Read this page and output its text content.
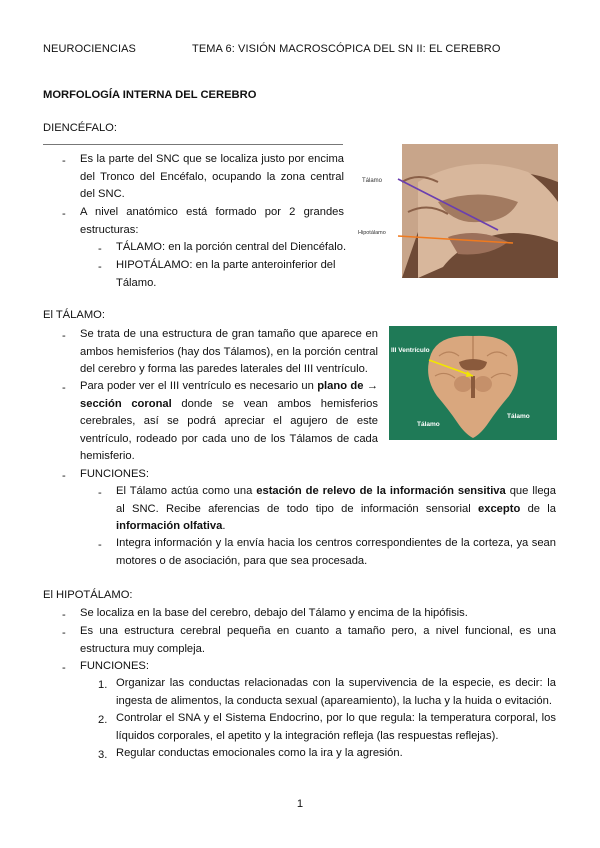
NEUROCIENCIAS	TEMA 6: VISIÓN MACROSCÓPICA DEL SN II: EL CEREBRO
MORFOLOGÍA INTERNA DEL CEREBRO
DIENCÉFALO:
- Es la parte del SNC que se localiza justo por encima del Tronco del Encéfalo, ocupando la zona central del SNC.
- A nivel anatómico está formado por 2 grandes estructuras:
- TÁLAMO: en la porción central del Diencéfalo.
- HIPOTÁLAMO: en la parte anteroinferior del Tálamo.
Tálamo
Hipotálamo
El TÁLAMO:
- Se trata de una estructura de gran tamaño que aparece en ambos hemisferios (hay dos Tálamos), en la porción central del cerebro y forma las paredes laterales del III ventrículo.
- Para poder ver el III ventrículo es necesario un plano de → sección coronal donde se vean ambos hemisferios cerebrales, así se podrá apreciar el agujero de este ventrículo, rodeado por cada uno de los Tálamos de cada hemisferio.
- FUNCIONES:
- El Tálamo actúa como una estación de relevo de la información sensitiva que llega al SNC. Recibe aferencias de todo tipo de información sensorial excepto de la información olfativa.
- Integra información y la envía hacia los centros correspondientes de la corteza, ya sean motores o de asociación, para que sea procesada.
III Ventrículo
Tálamo
Tálamo
El HIPOTÁLAMO:
- Se localiza en la base del cerebro, debajo del Tálamo y encima de la hipófisis.
- Es una estructura cerebral pequeña en cuanto a tamaño pero, a nivel funcional, es una estructura muy compleja.
- FUNCIONES:
1. Organizar las conductas relacionadas con la supervivencia de la especie, es decir: la ingesta de alimentos, la conducta sexual (apareamiento), la lucha y la huida o evitación.
2. Controlar el SNA y el Sistema Endocrino, por lo que regula: la temperatura corporal, los líquidos corporales, el apetito y la integración refleja (las respuestas reflejas).
3. Regular conductas emocionales como la ira y la agresión.
1
